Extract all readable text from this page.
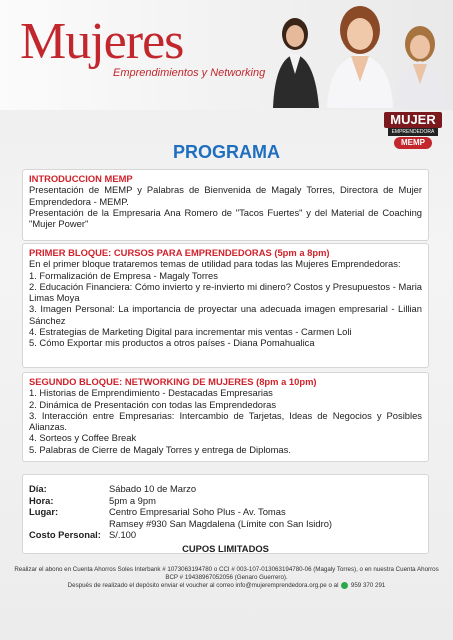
Mujeres
Emprendimientos y Networking
MUJER
EMPRENDEDORA
MEMP
PROGRAMA
INTRODUCCION MEMP

Presentación de MEMP y Palabras de Bienvenida de Magaly Torres, Directora de Mujer Emprendedora - MEMP.

Presentación de la Empresaria Ana Romero de "Tacos Fuertes" y del Material de Coaching "Mujer Power"

PRIMER BLOQUE: CURSOS PARA EMPRENDEDORAS (5pm a 8pm)

En el primer bloque trataremos temas de utilidad para todas las Mujeres Emprendedoras:

1. Formalización de Empresa - Magaly Torres
2. Educación Financiera: Cómo invierto y re-invierto mi dinero? Costos y Presupuestos - Maria Limas Moya
3. Imagen Personal: La importancia de proyectar una adecuada imagen empresarial - Lillian Sánchez
4. Estrategias de Marketing Digital para incrementar mis ventas - Carmen Loli
5. Cómo Exportar mis productos a otros países - Diana Pomahualica
SEGUNDO BLOQUE: NETWORKING DE MUJERES (8pm a 10pm)
1. Historias de Emprendimiento - Destacadas Empresarias
2. Dinámica de Presentación con todas las Emprendedoras
3. Interacción entre Empresarias: Intercambio de Tarjetas, Ideas de Negocios y Posibles Alianzas.
4. Sorteos y Coffee Break
5. Palabras de Cierre de Magaly Torres y entrega de Diplomas.
Día:	Sábado 10 de Marzo
Hora:	5pm a 9pm
Lugar:	Centro Empresarial Soho Plus - Av. Tomas
Ramsey #930 San Magdalena (Límite con San Isidro)
Costo Personal: S/.100
CUPOS LIMITADOS
Realizar el abono en Cuenta Ahorros Soles Interbank # 1073063194780 o CCI # 003-107-013063194780-06 (Magaly Torres), o en nuestra Cuenta Ahorros BCP # 19438967052056 (Genaro Guerrero).
Después de realizado el depósito enviar el voucher al correo info@mujeremprendedora.org.pe o al 959 370 291
